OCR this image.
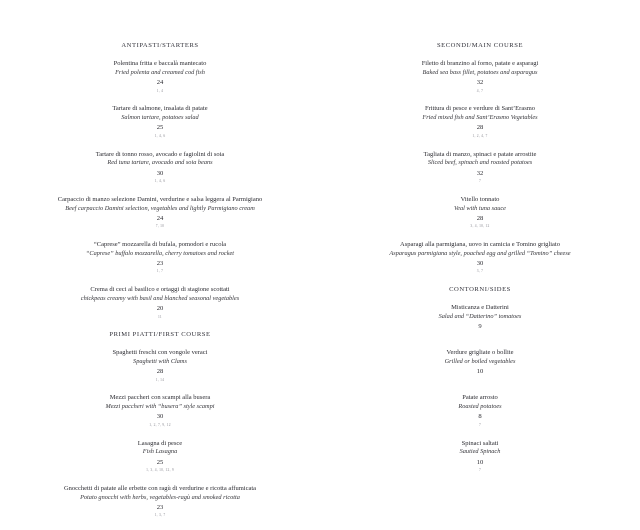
ANTIPASTI/STARTERS
Polentina fritta e baccalà mantecato
Fried polenta and creamed cod fish
24
1, 4
Tartare di salmone, insalata di patate
Salmon tartare, potatoes salad
25
1, 4, 6
Tartare di tonno rosso, avocado e fagiolini di soia
Red tuna tartare, avocado and soia beans
30
1, 4, 6
Carpaccio di manzo selezione Damini, verdurine e salsa leggera al Parmigiano
Beef carpaccio Damini selection, vegetables and lightly Parmigiano cream
24
7, 10
“Caprese” mozzarella di bufala, pomodori e rucola
“Caprese” buffalo mozzarella, cherry tomatoes and rocket
23
1, 7
Crema di ceci al basilico e ortaggi di stagione scottati
chickpeas creamy with basil and blanched seasonal vegetables
20
11
PRIMI PIATTI/FIRST COURSE
Spaghetti freschi con vongole veraci
Spaghetti with Clams
28
1, 14
Mezzi paccheri con scampi alla busera
Mezzi paccheri with “busera” style scampi
30
1, 2, 7, 9, 12
Lasagna di pesce
Fish Lasagna
25
1, 3, 4, 10, 12, 9
Gnocchetti di patate alle erbette con ragù di verdurine e ricotta affumicata
Potato gnocchi with herbs, vegetables-ragù and smoked ricotta
23
1, 3, 7
SECONDI/MAIN COURSE
Filetto di branzino al forno, patate e asparagi
Baked sea bass fillet, potatoes and asparagus
32
4, 7
Frittura di pesce e verdure di Sant’Erasmo
Fried mixed fish and Sant’Erasmo Vegetables
28
1, 2, 4, 7
Tagliata di manzo, spinaci e patate arrostite
Sliced beef, spinach and roasted potatoes
32
7
Vitello tonnato
Veal with tuna sauce
28
3, 4, 10, 12
Asparagi alla parmigiana, uovo in camicia e Tomino grigliato
Asparagus parmigiana style, poached egg and grilled “Tomino” cheese
30
3, 7
CONTORNI/SIDES
Misticanza e Datterini
Salad and “Datterino” tomatoes
9
Verdure grigliate o bollite
Grilled or boiled vegetables
10
Patate arrosto
Roasted potatoes
8
7
Spinaci saltati
Sautied Spinach
10
7
